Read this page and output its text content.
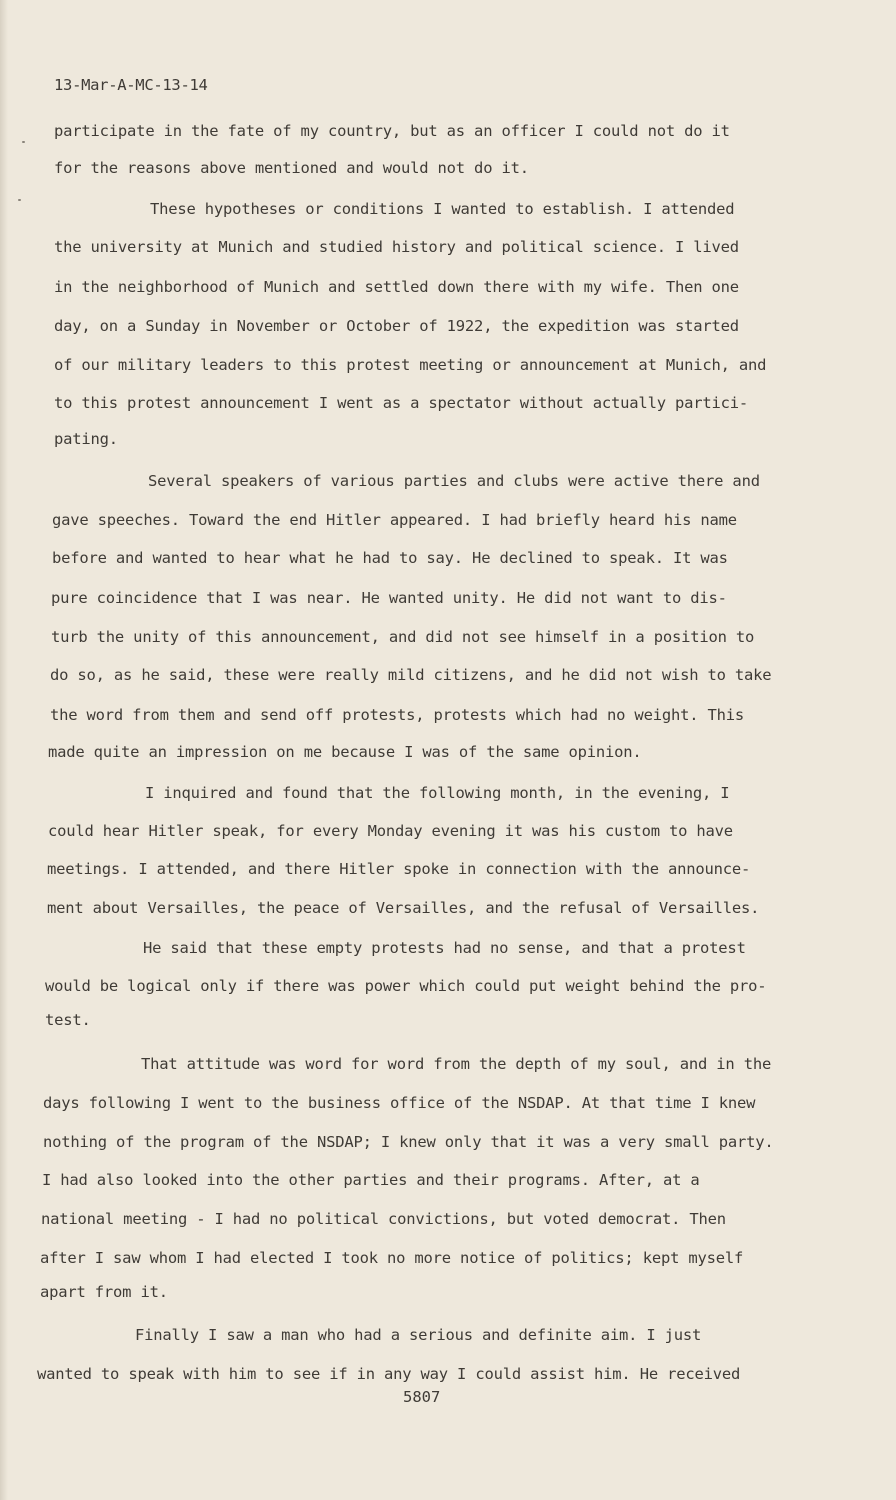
13-Mar-A-MC-13-14
participate in the fate of my country, but as an officer I could not do it
for the reasons above mentioned and would not do it.
These hypotheses or conditions I wanted to establish. I attended
the university at Munich and studied history and political science. I lived
in the neighborhood of Munich and settled down there with my wife. Then one
day, on a Sunday in November or October of 1922, the expedition was started
of our military leaders to this protest meeting or announcement at Munich, and
to this protest announcement I went as a spectator without actually partici-
pating.
Several speakers of various parties and clubs were active there and
gave speeches. Toward the end Hitler appeared. I had briefly heard his name
before and wanted to hear what he had to say. He declined to speak. It was
pure coincidence that I was near. He wanted unity. He did not want to dis-
turb the unity of this announcement, and did not see himself in a position to
do so, as he said, these were really mild citizens, and he did not wish to take
the word from them and send off protests, protests which had no weight. This
made quite an impression on me because I was of the same opinion.
I inquired and found that the following month, in the evening, I
could hear Hitler speak, for every Monday evening it was his custom to have
meetings. I attended, and there Hitler spoke in connection with the announce-
ment about Versailles, the peace of Versailles, and the refusal of Versailles.
He said that these empty protests had no sense, and that a protest
would be logical only if there was power which could put weight behind the pro-
test.
That attitude was word for word from the depth of my soul, and in the
days following I went to the business office of the NSDAP. At that time I knew
nothing of the program of the NSDAP; I knew only that it was a very small party.
I had also looked into the other parties and their programs. After, at a
national meeting - I had no political convictions, but voted democrat. Then
after I saw whom I had elected I took no more notice of politics; kept myself
apart from it.
Finally I saw a man who had a serious and definite aim. I just
wanted to speak with him to see if in any way I could assist him. He received
5807
